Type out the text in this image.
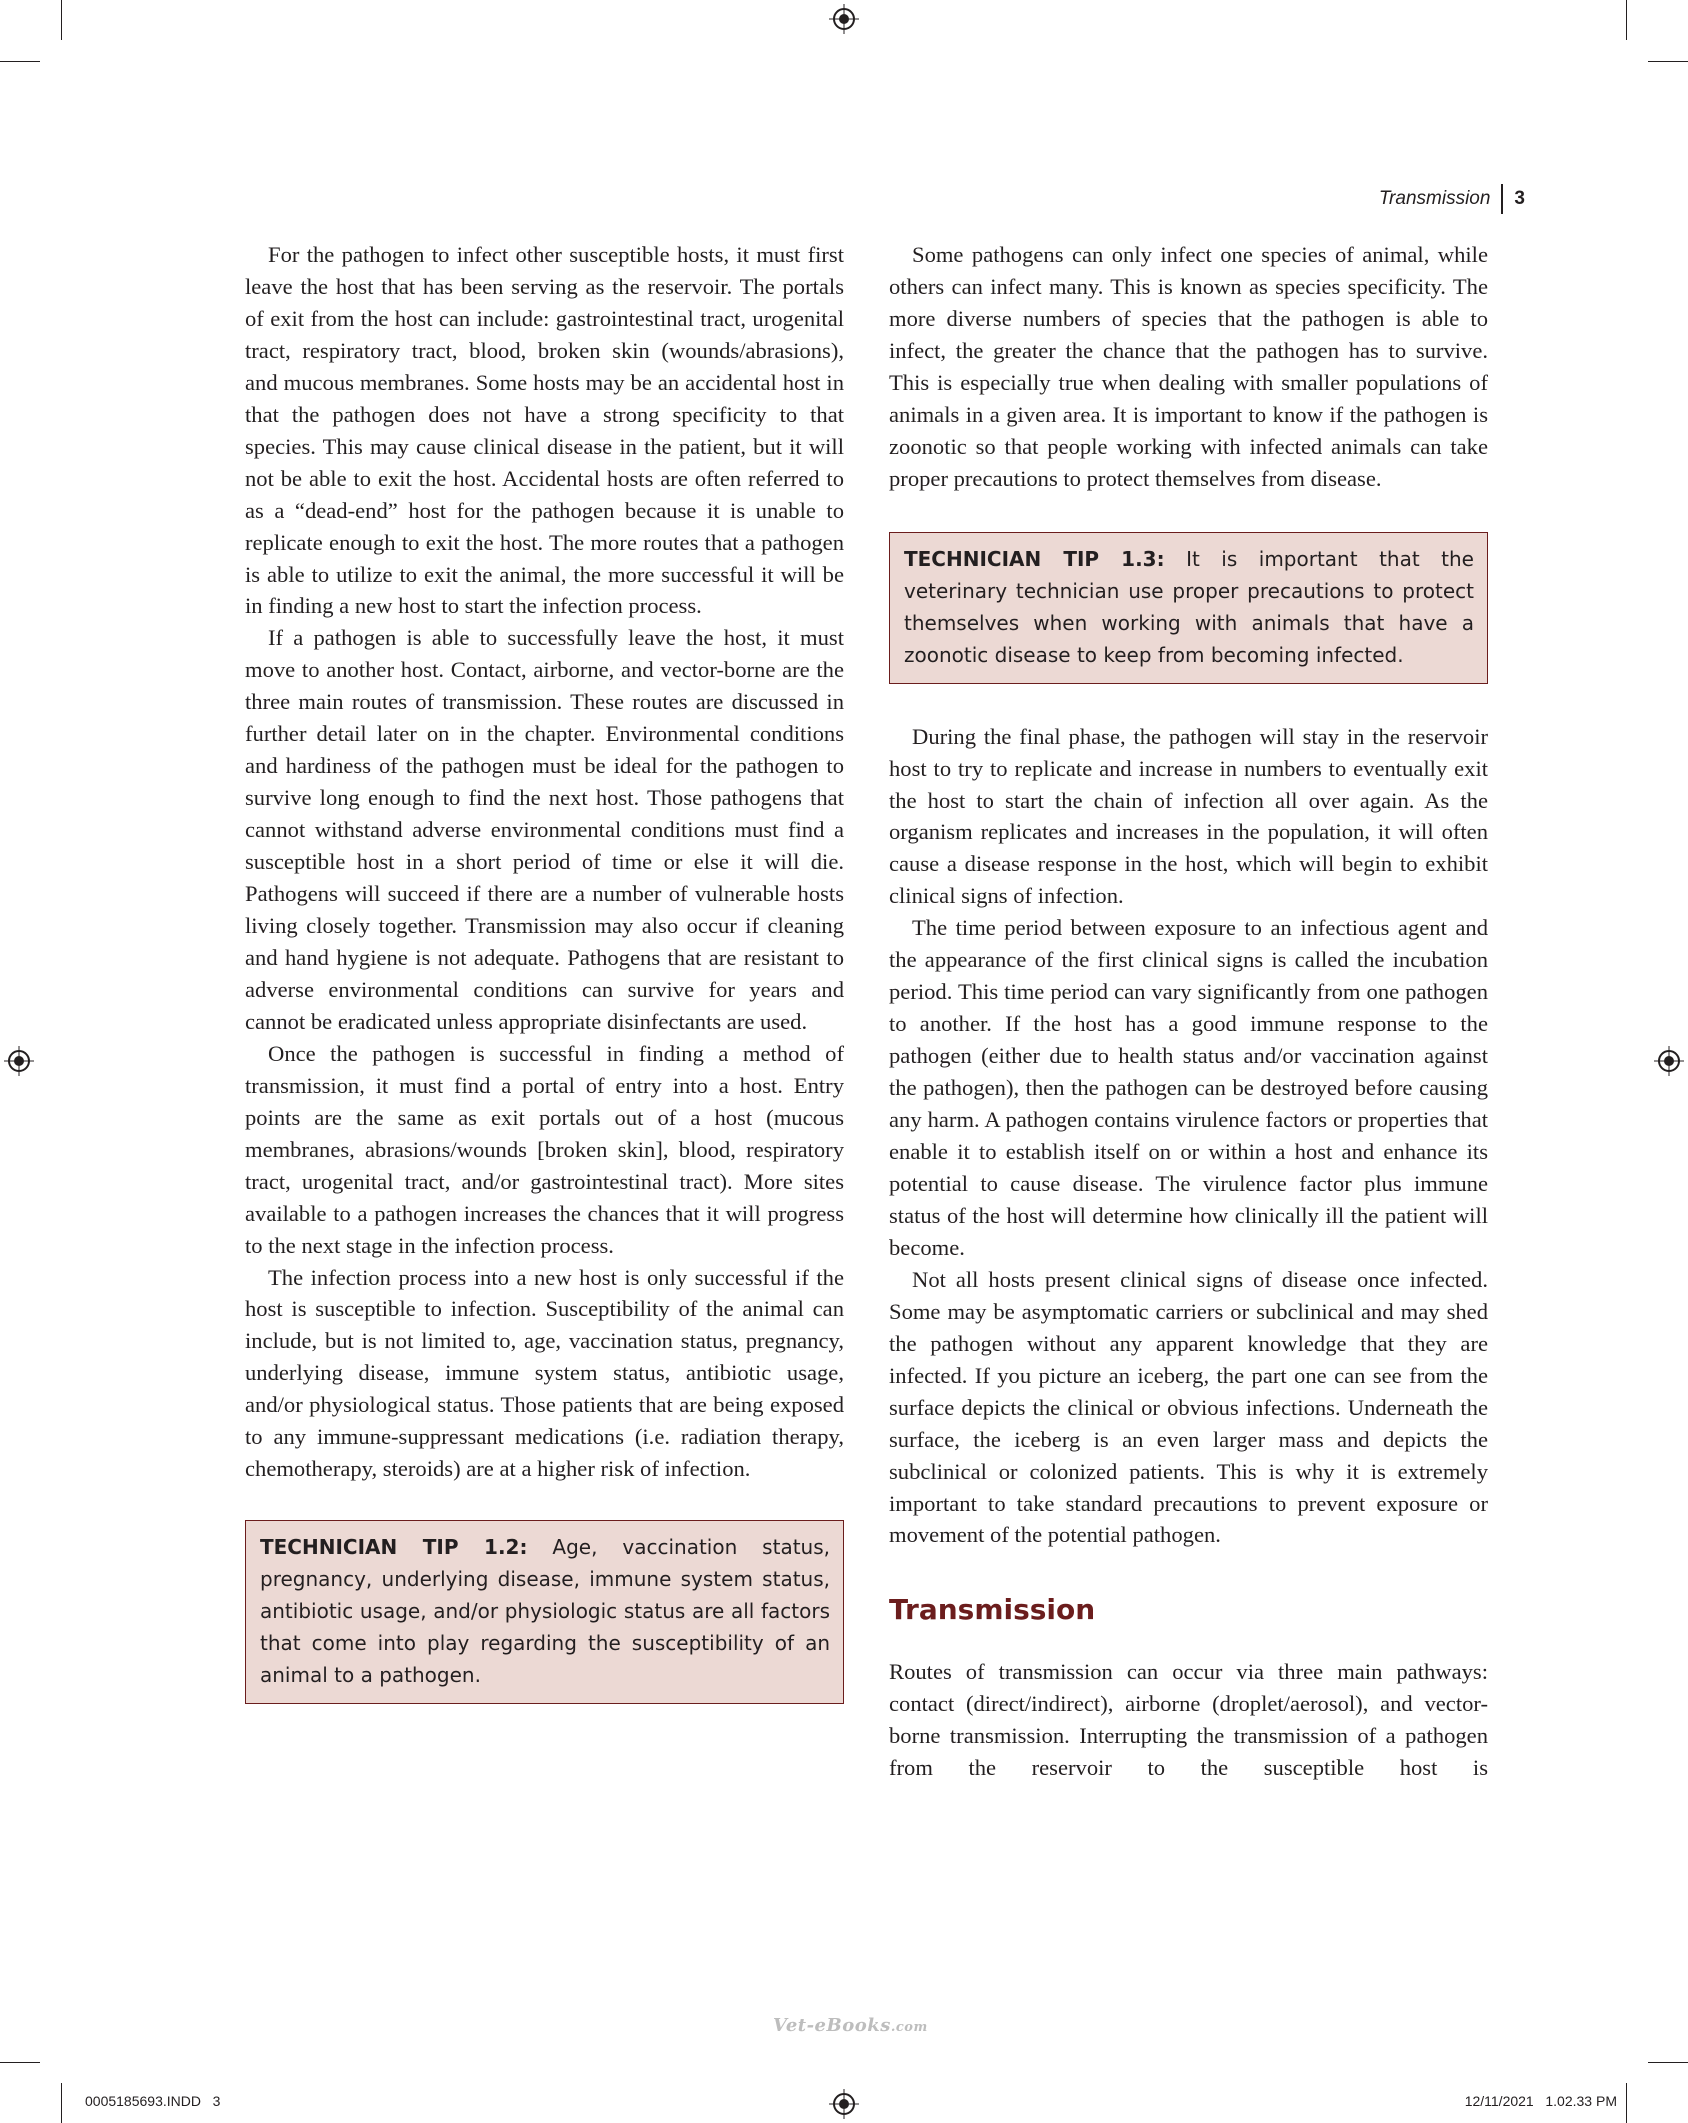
Transmission	3

For the pathogen to infect other susceptible hosts, it must first leave the host that has been serving as the reservoir. The portals of exit from the host can include: gastrointestinal tract, urogenital tract, respiratory tract, blood, broken skin (wounds/abrasions), and mucous membranes. Some hosts may be an accidental host in that the pathogen does not have a strong specificity to that species. This may cause clinical disease in the patient, but it will not be able to exit the host. Accidental hosts are often referred to as a “dead-end” host for the pathogen because it is unable to replicate enough to exit the host. The more routes that a pathogen is able to utilize to exit the animal, the more successful it will be in finding a new host to start the infection process.

If a pathogen is able to successfully leave the host, it must move to another host. Contact, airborne, and vector-borne are the three main routes of transmission. These routes are discussed in further detail later on in the chapter. Environmental conditions and hardiness of the pathogen must be ideal for the pathogen to survive long enough to find the next host. Those pathogens that cannot withstand adverse environmental conditions must find a susceptible host in a short period of time or else it will die. Pathogens will succeed if there are a number of vulnerable hosts living closely together. Transmission may also occur if cleaning and hand hygiene is not adequate. Pathogens that are resistant to adverse environmental conditions can survive for years and cannot be eradicated unless appropriate disinfectants are used.

Once the pathogen is successful in finding a method of transmission, it must find a portal of entry into a host. Entry points are the same as exit portals out of a host (mucous membranes, abrasions/wounds [broken skin], blood, respiratory tract, urogenital tract, and/or gastrointestinal tract). More sites available to a pathogen increases the chances that it will progress to the next stage in the infection process.

The infection process into a new host is only successful if the host is susceptible to infection. Susceptibility of the animal can include, but is not limited to, age, vaccination status, pregnancy, underlying disease, immune system status, antibiotic usage, and/or physiological status. Those patients that are being exposed to any immune-suppressant medications (i.e. radiation therapy, chemotherapy, steroids) are at a higher risk of infection.

TECHNICIAN TIP 1.2: Age, vaccination status, pregnancy, underlying disease, immune system status, antibiotic usage, and/or physiologic status are all factors that come into play regarding the susceptibility of an animal to a pathogen.

Some pathogens can only infect one species of animal, while others can infect many. This is known as species specificity. The more diverse numbers of species that the pathogen is able to infect, the greater the chance that the pathogen has to survive. This is especially true when dealing with smaller populations of animals in a given area. It is important to know if the pathogen is zoonotic so that people working with infected animals can take proper precautions to protect themselves from disease.

TECHNICIAN TIP 1.3: It is important that the veterinary technician use proper precautions to protect themselves when working with animals that have a zoonotic disease to keep from becoming infected.

During the final phase, the pathogen will stay in the reservoir host to try to replicate and increase in numbers to eventually exit the host to start the chain of infection all over again. As the organism replicates and increases in the population, it will often cause a disease response in the host, which will begin to exhibit clinical signs of infection.

The time period between exposure to an infectious agent and the appearance of the first clinical signs is called the incubation period. This time period can vary significantly from one pathogen to another. If the host has a good immune response to the pathogen (either due to health status and/or vaccination against the pathogen), then the pathogen can be destroyed before causing any harm. A pathogen contains virulence factors or properties that enable it to establish itself on or within a host and enhance its potential to cause disease. The virulence factor plus immune status of the host will determine how clinically ill the patient will become.

Not all hosts present clinical signs of disease once infected. Some may be asymptomatic carriers or subclinical and may shed the pathogen without any apparent knowledge that they are infected. If you picture an iceberg, the part one can see from the surface depicts the clinical or obvious infections. Underneath the surface, the iceberg is an even larger mass and depicts the subclinical or colonized patients. This is why it is extremely important to take standard precautions to prevent exposure or movement of the potential pathogen.

Transmission

Routes of transmission can occur via three main pathways: contact (direct/indirect), airborne (droplet/aerosol), and vector-borne transmission. Interrupting the transmission of a pathogen from the reservoir to the susceptible host is

Vet-eBooks.com
0005185693.INDD   3	12/11/2021   1.02.33 PM
